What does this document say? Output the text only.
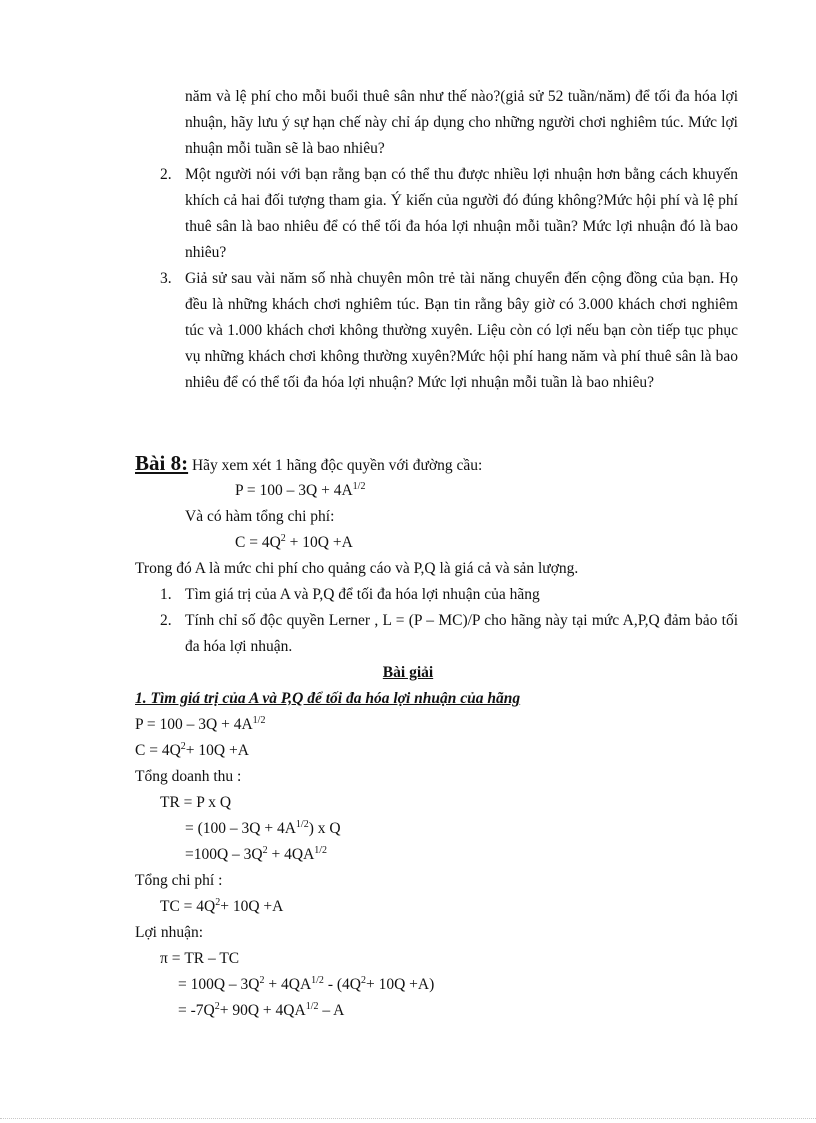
năm và lệ phí cho mỗi buổi thuê sân như thế nào?(giả sử 52 tuần/năm) để tối đa hóa lợi nhuận, hãy lưu ý sự hạn chế này chỉ áp dụng cho những người chơi nghiêm túc. Mức lợi nhuận mỗi tuần sẽ là bao nhiêu?

2. Một người nói với bạn rằng bạn có thể thu được nhiều lợi nhuận hơn bằng cách khuyến khích cả hai đối tượng tham gia. Ý kiến của người đó đúng không?Mức hội phí và lệ phí thuê sân là bao nhiêu để có thể tối đa hóa lợi nhuận mỗi tuần? Mức lợi nhuận đó là bao nhiêu?

3. Giả sử sau vài năm số nhà chuyên môn trẻ tài năng chuyển đến cộng đồng của bạn. Họ đều là những khách chơi nghiêm túc. Bạn tin rằng bây giờ có 3.000 khách chơi nghiêm túc và 1.000 khách chơi không thường xuyên. Liệu còn có lợi nếu bạn còn tiếp tục phục vụ những khách chơi không thường xuyên?Mức hội phí hang năm và phí thuê sân là bao nhiêu để có thể tối đa hóa lợi nhuận? Mức lợi nhuận mỗi tuần là bao nhiêu?

Bài 8: Hãy xem xét 1 hãng độc quyền với đường cầu:
$P = 100 - 3Q + 4A^{1/2}$
Và có hàm tổng chi phí:
$C = 4Q^2 + 10Q +A$
Trong đó A là mức chi phí cho quảng cáo và P,Q là giá cả và sản lượng.
1. Tìm giá trị của A và P,Q để tối đa hóa lợi nhuận của hãng
2. Tính chỉ số độc quyền Lerner , L = (P – MC)/P cho hãng này tại mức A,P,Q đảm bảo tối đa hóa lợi nhuận.

Bài giải
1. Tìm giá trị của A và P,Q để tối đa hóa lợi nhuận của hãng
$P = 100 - 3Q + 4A^{1/2}$
$C = 4Q^2+ 10Q +A$
Tổng doanh thu :
TR = P x Q
= $(100 - 3Q + 4A^{1/2})$ x Q
$=100Q - 3Q^2 + 4QA^{1/2}$
Tổng chi phí :
TC = $4Q^2+ 10Q +A$
Lợi nhuận:
π = TR – TC
= $100Q - 3Q^2 + 4QA^{1/2} - (4Q^2+ 10Q +A)$
= $-7Q^2+ 90Q + 4QA^{1/2} - A$
